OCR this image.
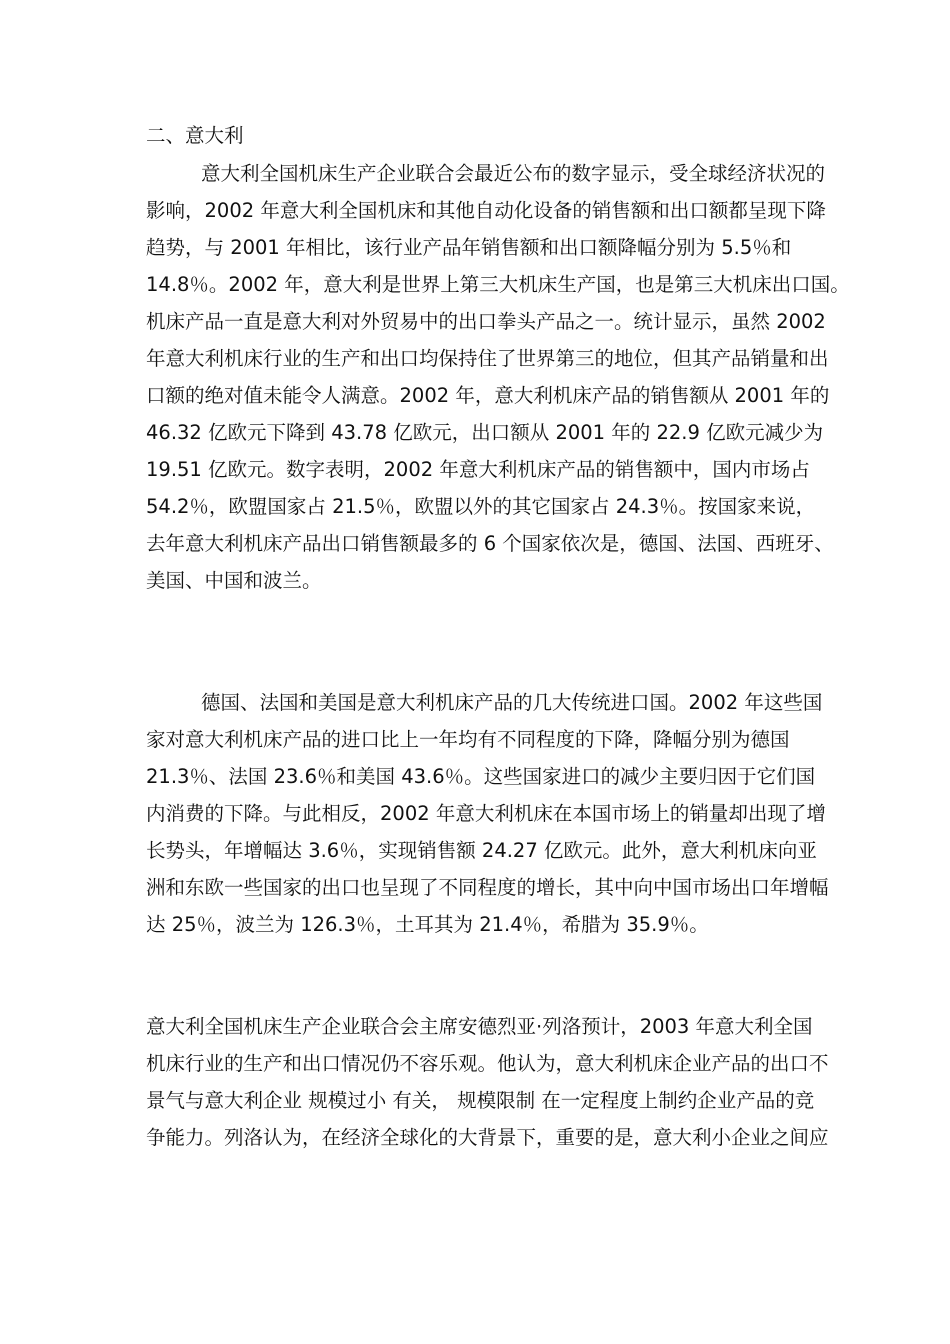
二、意大利
意大利全国机床生产企业联合会最近公布的数字显示，受全球经济状况的
影响，2002 年意大利全国机床和其他自动化设备的销售额和出口额都呈现下降
趋势，与 2001 年相比，该行业产品年销售额和出口额降幅分别为 5.5％和
14.8％。2002 年，意大利是世界上第三大机床生产国，也是第三大机床出口国。
机床产品一直是意大利对外贸易中的出口拳头产品之一。统计显示，虽然 2002
年意大利机床行业的生产和出口均保持住了世界第三的地位，但其产品销量和出
口额的绝对值未能令人满意。2002 年，意大利机床产品的销售额从 2001 年的
46.32 亿欧元下降到 43.78 亿欧元，出口额从 2001 年的 22.9 亿欧元减少为
19.51 亿欧元。数字表明，2002 年意大利机床产品的销售额中，国内市场占
54.2％，欧盟国家占 21.5％，欧盟以外的其它国家占 24.3％。按国家来说，
去年意大利机床产品出口销售额最多的 6 个国家依次是，德国、法国、西班牙、
美国、中国和波兰。
德国、法国和美国是意大利机床产品的几大传统进口国。2002 年这些国
家对意大利机床产品的进口比上一年均有不同程度的下降，降幅分别为德国
21.3％、法国 23.6％和美国 43.6％。这些国家进口的减少主要归因于它们国
内消费的下降。与此相反，2002 年意大利机床在本国市场上的销量却出现了增
长势头，年增幅达 3.6％，实现销售额 24.27 亿欧元。此外，意大利机床向亚
洲和东欧一些国家的出口也呈现了不同程度的增长，其中向中国市场出口年增幅
达 25％，波兰为 126.3％，土耳其为 21.4％，希腊为 35.9％。
意大利全国机床生产企业联合会主席安德烈亚·列洛预计，2003 年意大利全国
机床行业的生产和出口情况仍不容乐观。他认为，意大利机床企业产品的出口不
景气与意大利企业 规模过小 有关， 规模限制 在一定程度上制约企业产品的竞
争能力。列洛认为，在经济全球化的大背景下，重要的是，意大利小企业之间应
